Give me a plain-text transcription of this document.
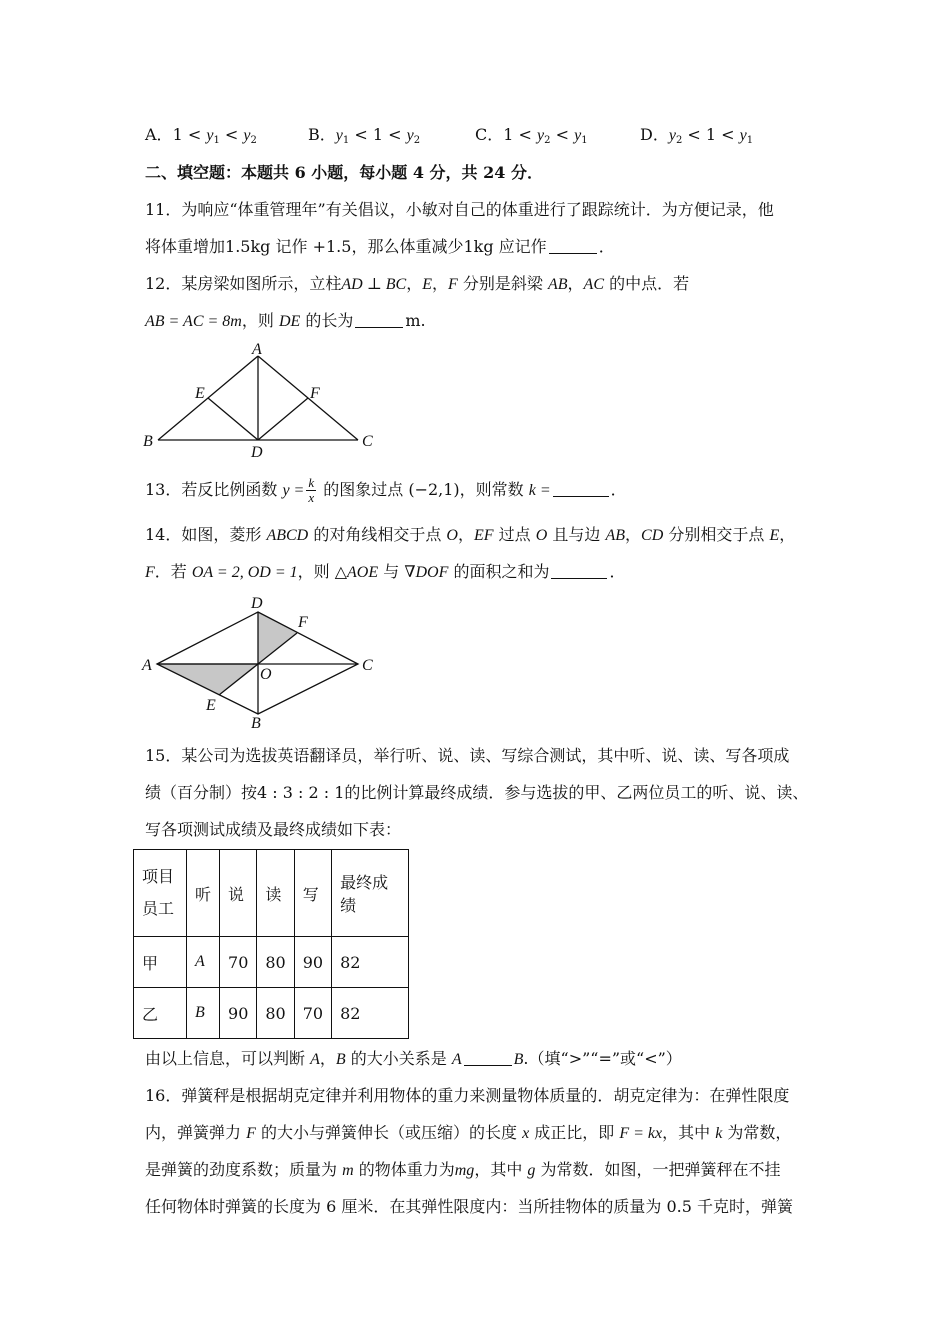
A．$1 < y_1 < y_2$	B．$y_1 < 1 < y_2$	C．$1 < y_2 < y_1$	D．$y_2 < 1 < y_1$
二、填空题：本题共 6 小题，每小题 4 分，共 24 分．
11．为响应“体重管理年”有关倡议，小敏对自己的体重进行了跟踪统计．为方便记录，他
将体重增加1.5kg 记作 +1.5，那么体重减少1kg 应记作	．
12．某房梁如图所示，立柱AD ⊥ BC，E，F 分别是斜梁 AB，AC 的中点．若
AB = AC = 8m，则 DE 的长为	m.
A
B	C
D
E	F
13．若反比例函数 $y = \frac{k}{x}$ 的图象过点 (−2,1)，则常数 k =	．
14．如图，菱形 ABCD 的对角线相交于点 O，EF 过点 O 且与边 AB，CD 分别相交于点 E，
F．若 OA = 2, OD = 1，则 △AOE 与 ∇DOF 的面积之和为	．
A	C
D
B
E
F
O
15．某公司为选拔英语翻译员，举行听、说、读、写综合测试，其中听、说、读、写各项成
绩（百分制）按4 : 3 : 2 : 1的比例计算最终成绩．参与选拔的甲、乙两位员工的听、说、读、
写各项测试成绩及最终成绩如下表：
项目
员工	听	说	读	写	最终成绩
甲	A	70	80	90	82
乙	B	90	80	70	82
由以上信息，可以判断 A，B 的大小关系是 A	B.（填“>”“=”或“<”）
16．弹簧秤是根据胡克定律并利用物体的重力来测量物体质量的．胡克定律为：在弹性限度
内，弹簧弹力 F 的大小与弹簧伸长（或压缩）的长度 x 成正比，即 F = kx，其中 k 为常数，
是弹簧的劲度系数；质量为 m 的物体重力为mg，其中 g 为常数．如图，一把弹簧秤在不挂
任何物体时弹簧的长度为 6 厘米．在其弹性限度内：当所挂物体的质量为 0.5 千克时，弹簧
